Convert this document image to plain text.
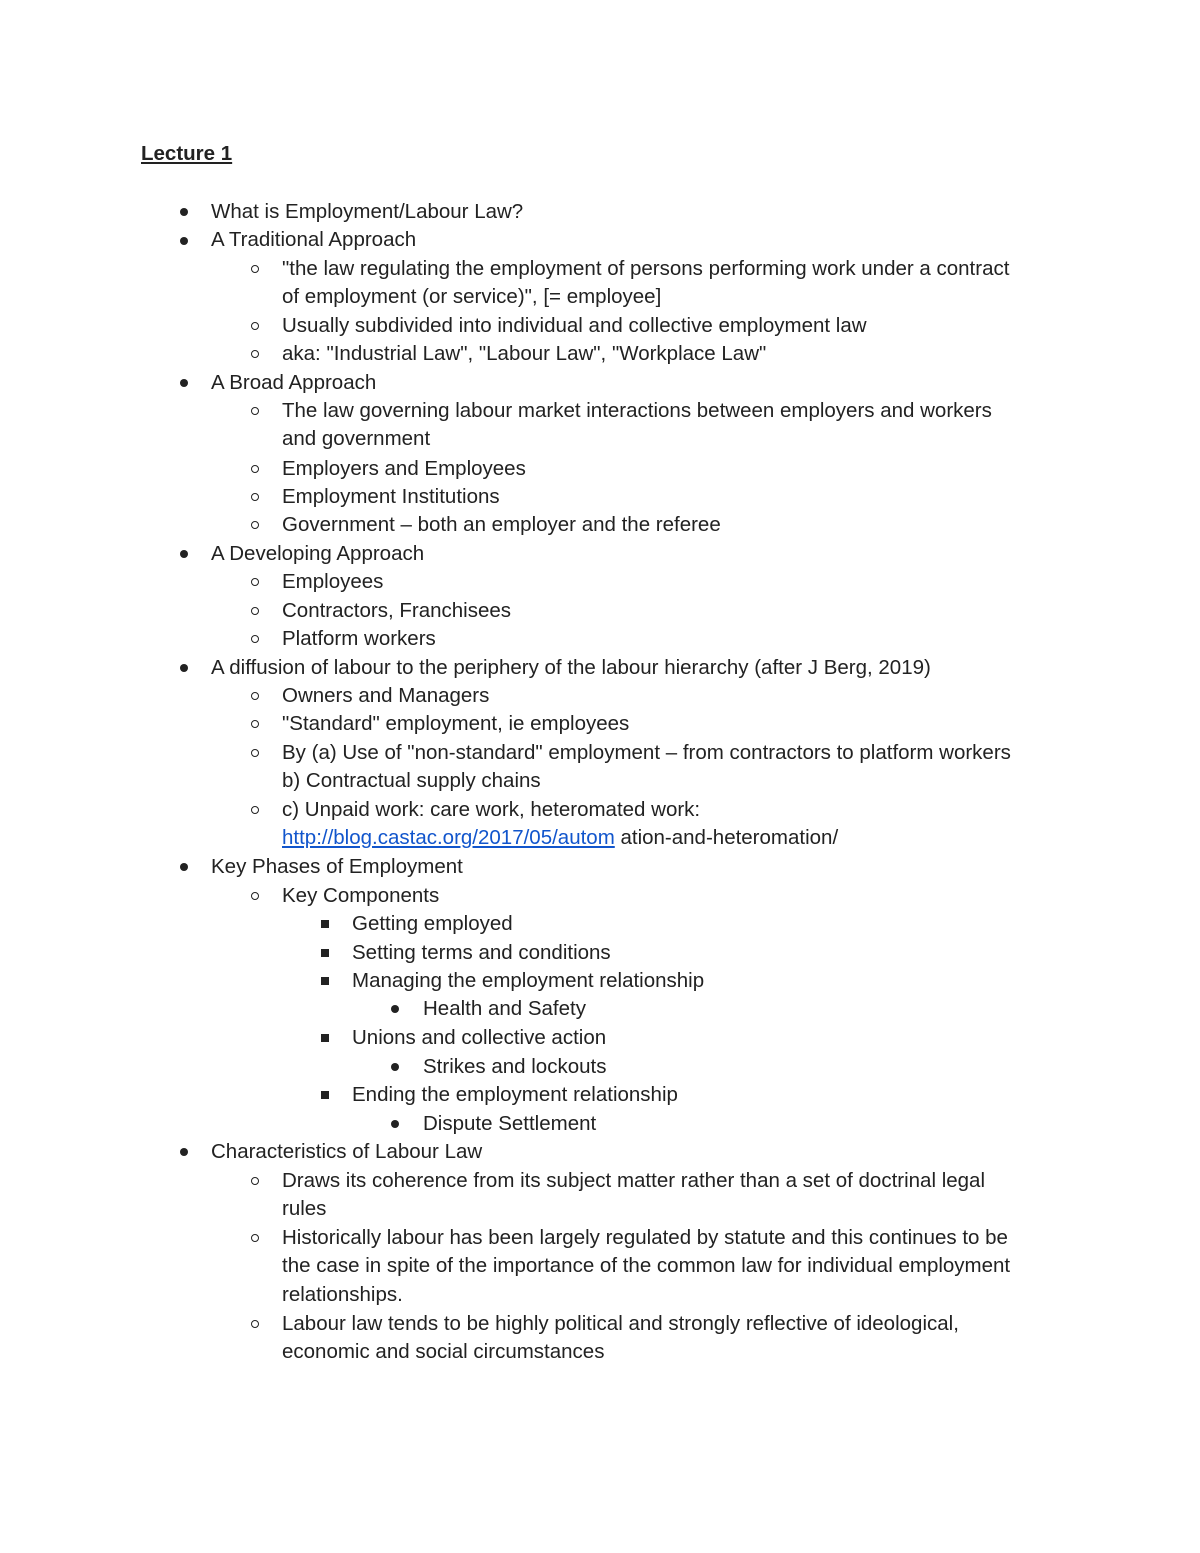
Lecture 1
What is Employment/Labour Law?
A Traditional Approach
"the law regulating the employment of persons performing work under a contract
of employment (or service)", [= employee]
Usually subdivided into individual and collective employment law
aka: "Industrial Law", "Labour Law", "Workplace Law"
A Broad Approach
The law governing labour market interactions between employers and workers
and government
Employers and Employees
Employment Institutions
Government – both an employer and the referee
A Developing Approach
Employees
Contractors, Franchisees
Platform workers
A diffusion of labour to the periphery of the labour hierarchy (after J Berg, 2019)
Owners and Managers
"Standard" employment, ie employees
By (a) Use of "non-standard" employment – from contractors to platform workers
b) Contractual supply chains
c) Unpaid work: care work, heteromated work:
http://blog.castac.org/2017/05/autom ation-and-heteromation/
Key Phases of Employment
Key Components
Getting employed
Setting terms and conditions
Managing the employment relationship
Health and Safety
Unions and collective action
Strikes and lockouts
Ending the employment relationship
Dispute Settlement
Characteristics of Labour Law
Draws its coherence from its subject matter rather than a set of doctrinal legal
rules
Historically labour has been largely regulated by statute and this continues to be
the case in spite of the importance of the common law for individual employment
relationships.
Labour law tends to be highly political and strongly reflective of ideological,
economic and social circumstances
